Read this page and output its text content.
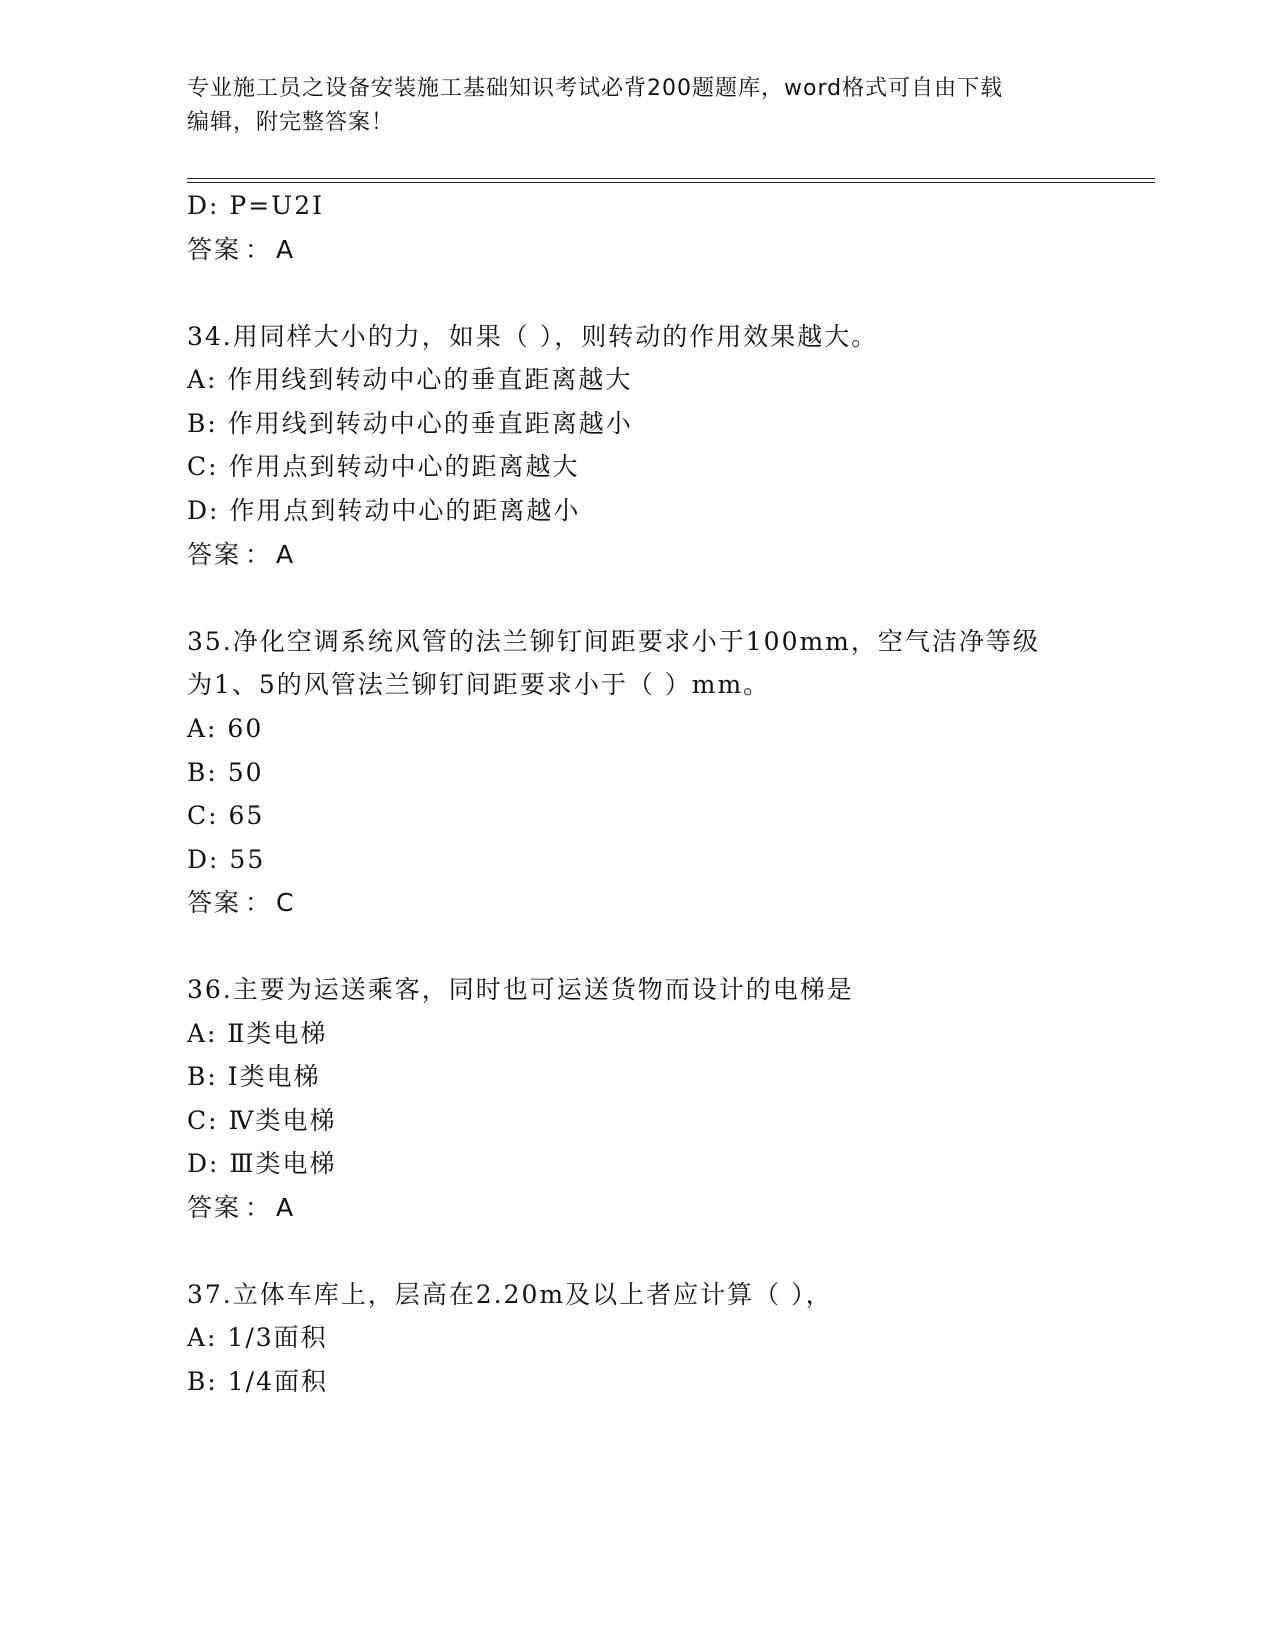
专业施工员之设备安装施工基础知识考试必背200题题库，word格式可自由下载
编辑，附完整答案！
D: P=U2I
答案 ： A
34.用同样大小的力，如果（ ），则转动的作用效果越大。
A: 作用线到转动中心的垂直距离越大
B: 作用线到转动中心的垂直距离越小
C: 作用点到转动中心的距离越大
D: 作用点到转动中心的距离越小
答案 ： A
35.净化空调系统风管的法兰铆钉间距要求小于100mm，空气洁净等级
为1、5的风管法兰铆钉间距要求小于（ ）mm。
A: 60
B: 50
C: 65
D: 55
答案 ： C
36.主要为运送乘客，同时也可运送货物而设计的电梯是
A: Ⅱ类电梯
B: Ⅰ类电梯
C: Ⅳ类电梯
D: Ⅲ类电梯
答案 ： A
37.立体车库上，层高在2.20m及以上者应计算（ ），
A: 1/3面积
B: 1/4面积
